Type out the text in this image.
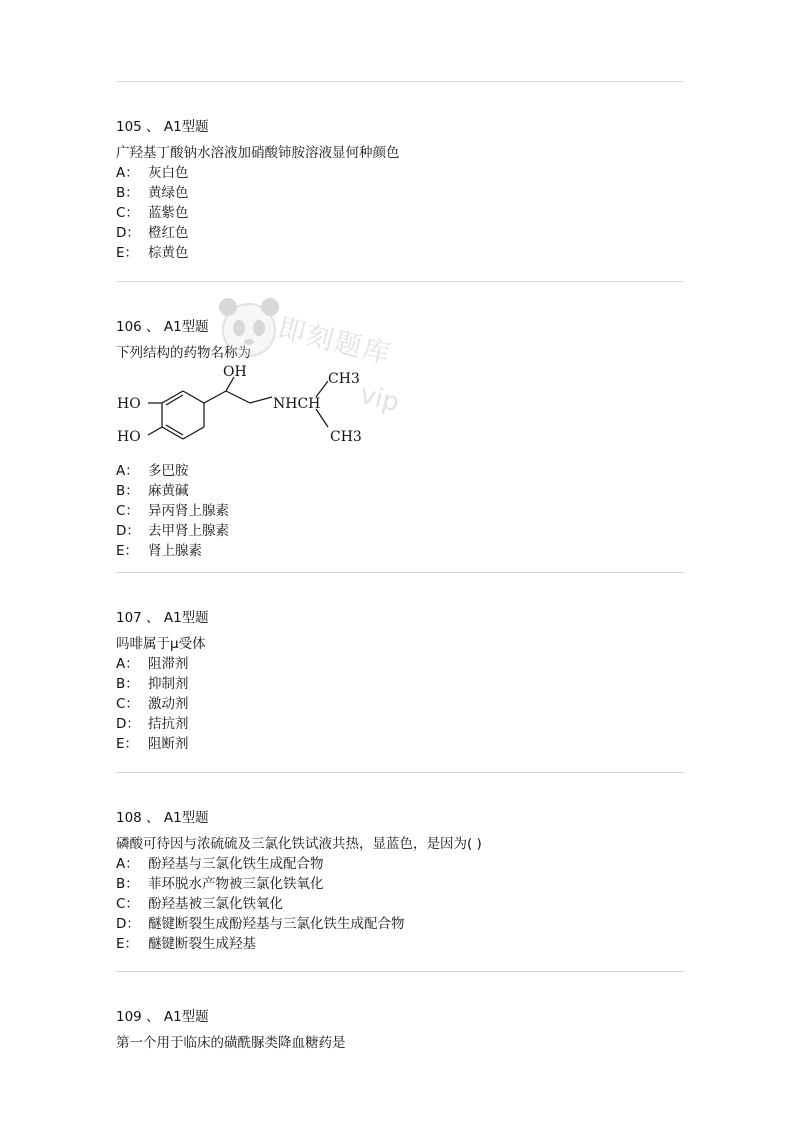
105 、 A1型题
广羟基丁酸钠水溶液加硝酸铈胺溶液显何种颜色
A： 灰白色
B： 黄绿色
C： 蓝紫色
D： 橙红色
E： 棕黄色
106 、 A1型题
下列结构的药物名称为
OH
HO
HO
NHCH
CH3
CH3
A： 多巴胺
B： 麻黄碱
C： 异丙肾上腺素
D： 去甲肾上腺素
E： 肾上腺素
107 、 A1型题
吗啡属于μ受体
A： 阻滞剂
B： 抑制剂
C： 激动剂
D： 拮抗剂
E： 阻断剂
108 、 A1型题
磷酸可待因与浓硫硫及三氯化铁试液共热，显蓝色，是因为( )
A： 酚羟基与三氯化铁生成配合物
B： 菲环脱水产物被三氯化铁氧化
C： 酚羟基被三氯化铁氧化
D： 醚键断裂生成酚羟基与三氯化铁生成配合物
E： 醚键断裂生成羟基
109 、 A1型题
第一个用于临床的磺酰脲类降血糖药是
即刻题库
vip
